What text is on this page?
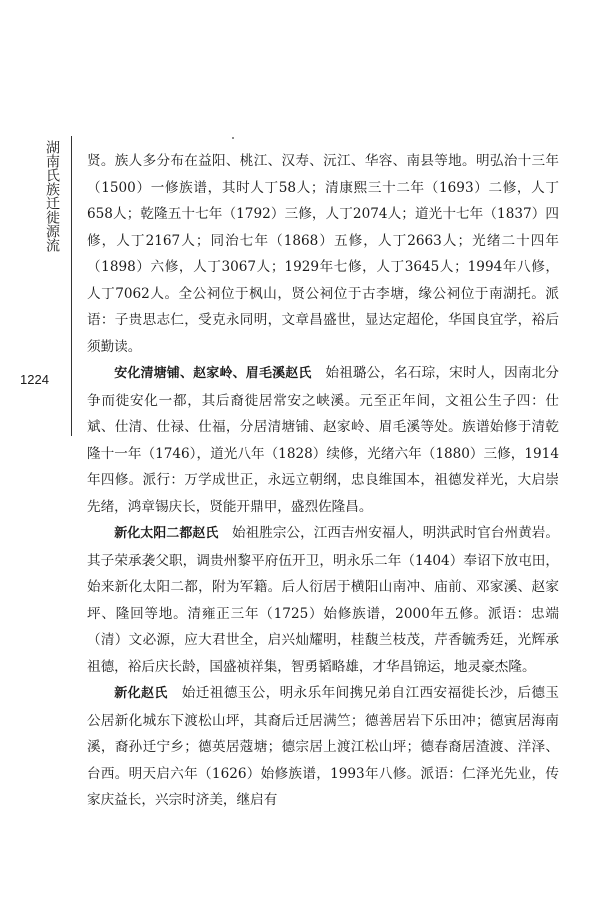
湖南氏族迁徙源流
1224

贤。族人多分布在益阳、桃江、汉寿、沅江、华容、南县等地。明弘治十三年（1500）一修族谱，其时人丁58人；清康熙三十二年（1693）二修，人丁658人；乾隆五十七年（1792）三修，人丁2074人；道光十七年（1837）四修，人丁2167人；同治七年（1868）五修，人丁2663人；光绪二十四年（1898）六修，人丁3067人；1929年七修，人丁3645人；1994年八修，人丁7062人。全公祠位于枫山，贤公祠位于古李塘，缘公祠位于南湖托。派语：子贵思志仁，受克永同明，文章昌盛世，显达定超伦，华国良宜学，裕后须勤读。

安化清塘铺、赵家岭、眉毛溪赵氏　始祖璐公，名石琮，宋时人，因南北分争而徙安化一都，其后裔徙居常安之峡溪。元至正年间，文祖公生子四：仕斌、仕清、仕禄、仕福，分居清塘铺、赵家岭、眉毛溪等处。族谱始修于清乾隆十一年（1746），道光八年（1828）续修，光绪六年（1880）三修，1914年四修。派行：万学成世正，永远立朝纲，忠良维国本，祖德发祥光，大启崇先绪，鸿章锡庆长，贤能开鼎甲，盛烈佐隆昌。

新化太阳二都赵氏　始祖胜宗公，江西吉州安福人，明洪武时官台州黄岩。其子荣承袭父职，调贵州黎平府伍开卫，明永乐二年（1404）奉诏下放屯田，始来新化太阳二都，附为军籍。后人衍居于横阳山南冲、庙前、邓家溪、赵家坪、隆回等地。清雍正三年（1725）始修族谱，2000年五修。派语：忠端（清）文必源，应大君世全，启兴灿耀明，桂馥兰枝茂，芹香毓秀廷，光辉承祖德，裕后庆长龄，国盛祯祥集，智勇韬略雄，才华昌锦运，地灵豪杰隆。

新化赵氏　始迁祖德玉公，明永乐年间携兄弟自江西安福徙长沙，后德玉公居新化城东下渡松山坪，其裔后迁居满竺；德善居岩下乐田冲；德寅居海南溪，裔孙迁宁乡；德英居蔻塘；德宗居上渡江松山坪；德春裔居渣渡、洋泽、台西。明天启六年（1626）始修族谱，1993年八修。派语：仁泽光先业，传家庆益长，兴宗时济美，继启有
